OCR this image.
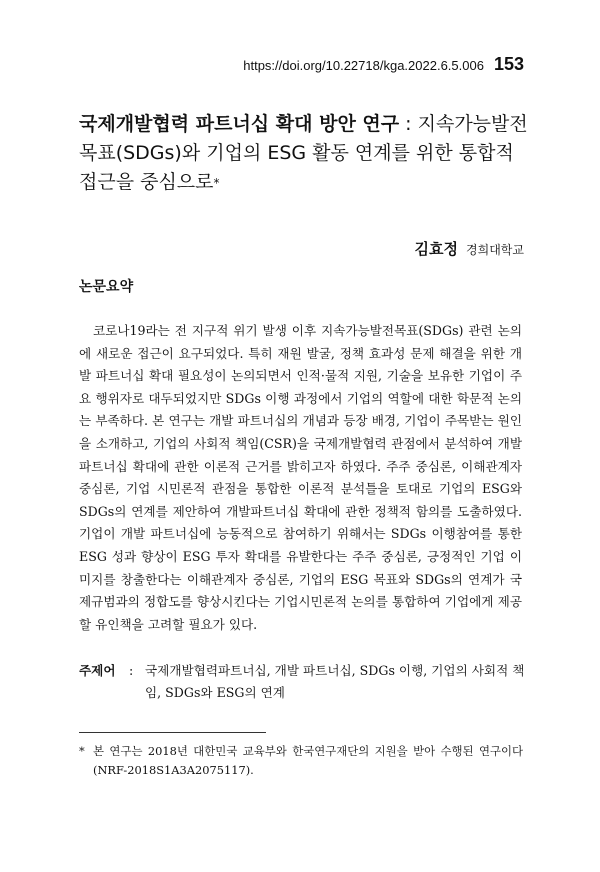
https://doi.org/10.22718/kga.2022.6.5.006 153
국제개발협력 파트너십 확대 방안 연구 : 지속가능발전목표(SDGs)와 기업의 ESG 활동 연계를 위한 통합적 접근을 중심으로*
김효정 경희대학교
논문요약

코로나19라는 전 지구적 위기 발생 이후 지속가능발전목표(SDGs) 관련 논의에 새로운 접근이 요구되었다. 특히 재원 발굴, 정책 효과성 문제 해결을 위한 개발 파트너십 확대 필요성이 논의되면서 인적·물적 지원, 기술을 보유한 기업이 주요 행위자로 대두되었지만 SDGs 이행 과정에서 기업의 역할에 대한 학문적 논의는 부족하다. 본 연구는 개발 파트너십의 개념과 등장 배경, 기업이 주목받는 원인을 소개하고, 기업의 사회적 책임(CSR)을 국제개발협력 관점에서 분석하여 개발파트너십 확대에 관한 이론적 근거를 밝히고자 하였다. 주주 중심론, 이해관계자 중심론, 기업 시민론적 관점을 통합한 이론적 분석틀을 토대로 기업의 ESG와 SDGs의 연계를 제안하여 개발파트너십 확대에 관한 정책적 함의를 도출하였다. 기업이 개발 파트너십에 능동적으로 참여하기 위해서는 SDGs 이행참여를 통한 ESG 성과 향상이 ESG 투자 확대를 유발한다는 주주 중심론, 긍정적인 기업 이미지를 창출한다는 이해관계자 중심론, 기업의 ESG 목표와 SDGs의 연계가 국제규범과의 정합도를 향상시킨다는 기업시민론적 논의를 통합하여 기업에게 제공할 유인책을 고려할 필요가 있다.

주제어	: 국제개발협력파트너십, 개발 파트너십, SDGs 이행, 기업의 사회적 책임, SDGs와 ESG의 연계
* 본 연구는 2018년 대한민국 교육부와 한국연구재단의 지원을 받아 수행된 연구이다(NRF-2018S1A3A2075117).
